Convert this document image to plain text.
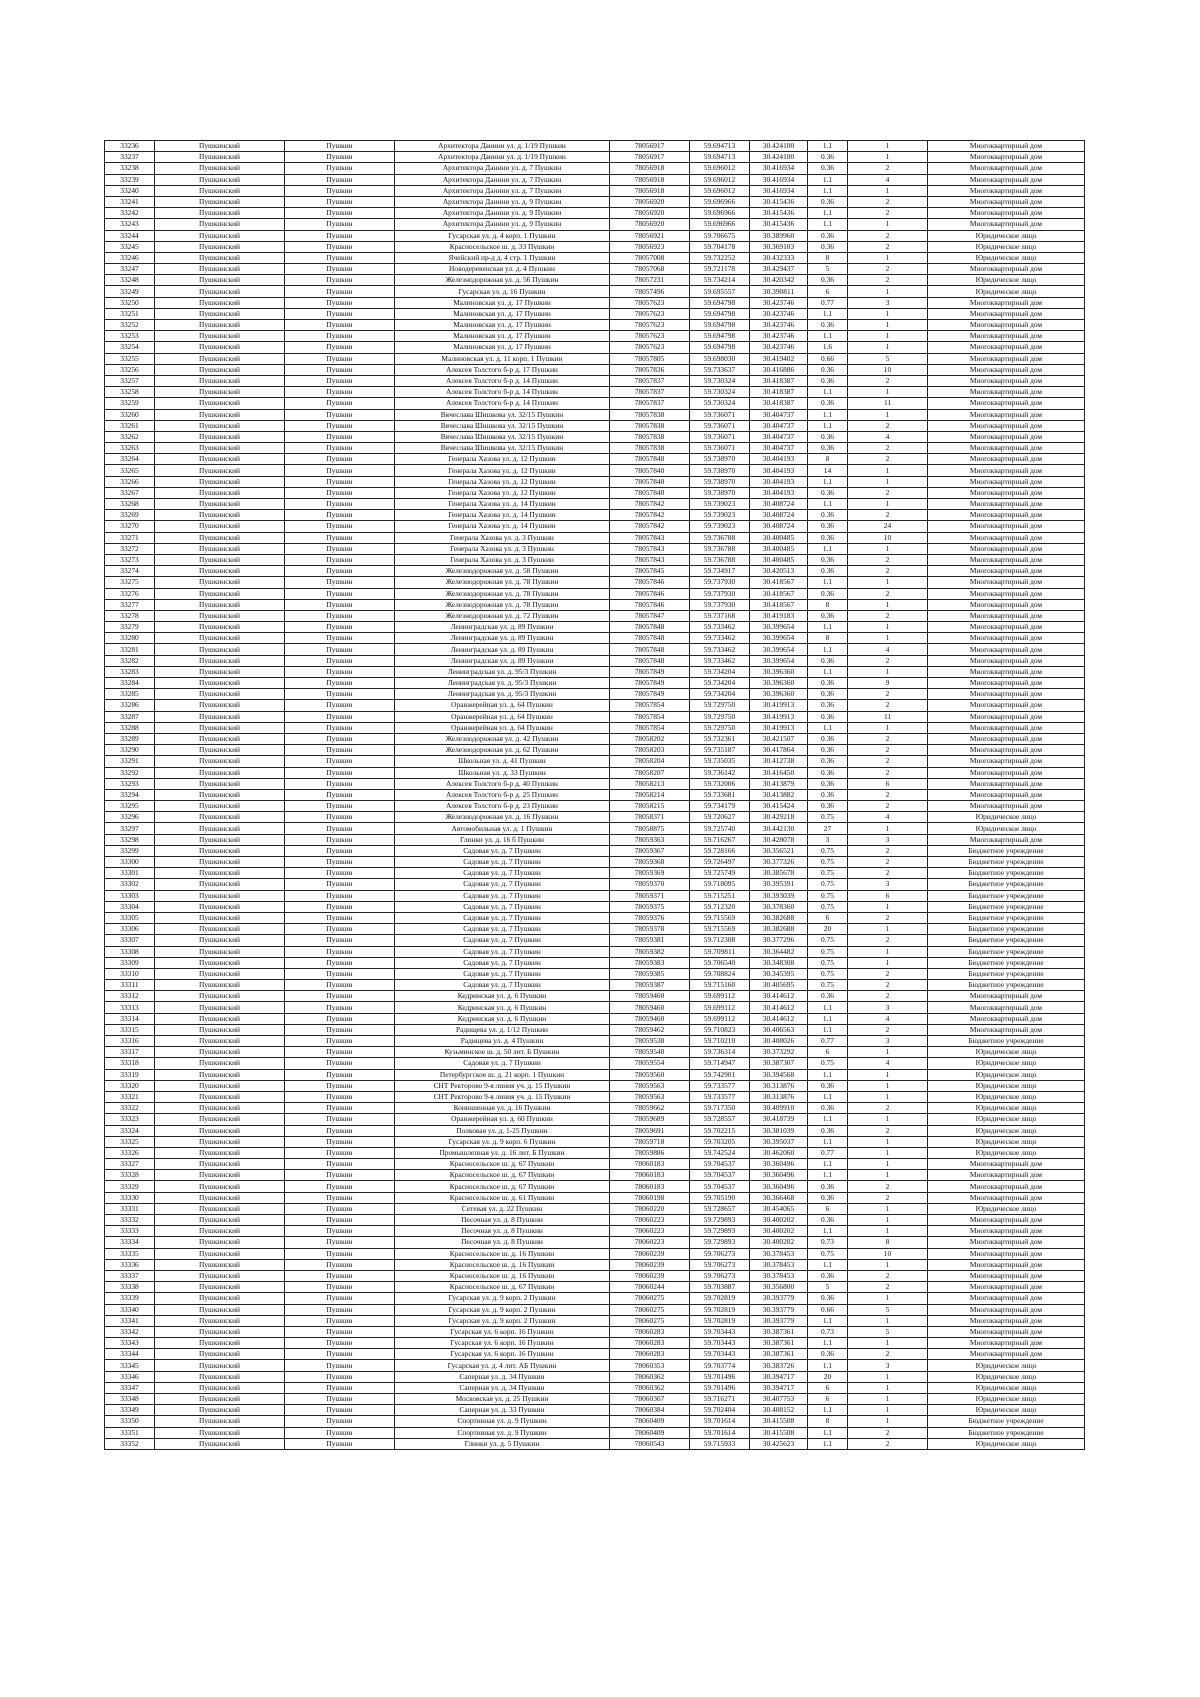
33236	Пушкинский	Пушкин	Архитектора Данини ул. д. 1/19 Пушкин	78056917	59.694713	30.424100	1.1	1	Многоквартирный дом
33237	Пушкинский	Пушкин	Архитектора Данини ул. д. 1/19 Пушкин	78056917	59.694713	30.424100	0.36	1	Многоквартирный дом
33238	Пушкинский	Пушкин	Архитектора Данини ул. д. 7 Пушкин	78056918	59.696012	30.416934	0.36	2	Многоквартирный дом
33239	Пушкинский	Пушкин	Архитектора Данини ул. д. 7 Пушкин	78056918	59.696012	30.416934	1.1	4	Многоквартирный дом
33240	Пушкинский	Пушкин	Архитектора Данини ул. д. 7 Пушкин	78056918	59.696012	30.416934	1.1	1	Многоквартирный дом
33241	Пушкинский	Пушкин	Архитектора Данини ул. д. 9 Пушкин	78056920	59.696966	30.415436	0.36	2	Многоквартирный дом
33242	Пушкинский	Пушкин	Архитектора Данини ул. д. 9 Пушкин	78056920	59.696966	30.415436	1.1	2	Многоквартирный дом
33243	Пушкинский	Пушкин	Архитектора Данини ул. д. 9 Пушкин	78056920	59.696966	30.415436	1.1	1	Многоквартирный дом
33244	Пушкинский	Пушкин	Гусарская ул. д. 4 корп. 1 Пушкин	78056921	59.706675	30.389960	0.36	2	Юридическое лицо
33245	Пушкинский	Пушкин	Красносельское ш. д. 33 Пушкин	78056923	59.704178	30.369103	0.36	2	Юридическое лицо
33246	Пушкинский	Пушкин	Ячейский пр-д д. 4 стр. 1 Пушкин	78057008	59.732252	30.432333	8	1	Юридическое лицо
33247	Пушкинский	Пушкин	Новодеревенская ул. д. 4 Пушкин	78057068	59.721178	30.429437	5	2	Многоквартирный дом
33248	Пушкинский	Пушкин	Железнодорожная ул. д. 56 Пушкин	78057231	59.734214	30.420342	0.36	2	Юридическое лицо
33249	Пушкинский	Пушкин	Гусарская ул. д. 16 Пушкин	78057496	59.695557	30.390811	6	1	Юридическое лицо
33250	Пушкинский	Пушкин	Малиновская ул. д. 17 Пушкин	78057623	59.694798	30.423746	0.77	3	Многоквартирный дом
33251	Пушкинский	Пушкин	Малиновская ул. д. 17 Пушкин	78057623	59.694798	30.423746	1.1	1	Многоквартирный дом
33252	Пушкинский	Пушкин	Малиновская ул. д. 17 Пушкин	78057623	59.694798	30.423746	0.36	1	Многоквартирный дом
33253	Пушкинский	Пушкин	Малиновская ул. д. 17 Пушкин	78057623	59.694798	30.423746	1.1	1	Многоквартирный дом
33254	Пушкинский	Пушкин	Малиновская ул. д. 17 Пушкин	78057623	59.694798	30.423746	1.6	1	Многоквартирный дом
33255	Пушкинский	Пушкин	Малиновская ул. д. 11 корп. 1 Пушкин	78057805	59.698030	30.419402	0.66	5	Многоквартирный дом
33256	Пушкинский	Пушкин	Алексея Толстого б-р д. 17 Пушкин	78057836	59.733637	30.416886	0.36	10	Многоквартирный дом
33257	Пушкинский	Пушкин	Алексея Толстого б-р д. 14 Пушкин	78057837	59.730324	30.418387	0.36	2	Многоквартирный дом
33258	Пушкинский	Пушкин	Алексея Толстого б-р д. 14 Пушкин	78057837	59.730324	30.418387	1.1	1	Многоквартирный дом
33259	Пушкинский	Пушкин	Алексея Толстого б-р д. 14 Пушкин	78057837	59.730324	30.418387	0.36	11	Многоквартирный дом
33260	Пушкинский	Пушкин	Вячеслава Шишкова ул. 32/15 Пушкин	78057838	59.736071	30.404737	1.1	1	Многоквартирный дом
33261	Пушкинский	Пушкин	Вячеслава Шишкова ул. 32/15 Пушкин	78057838	59.736071	30.404737	1.1	2	Многоквартирный дом
33262	Пушкинский	Пушкин	Вячеслава Шишкова ул. 32/15 Пушкин	78057838	59.736071	30.404737	0.36	4	Многоквартирный дом
33263	Пушкинский	Пушкин	Вячеслава Шишкова ул. 32/15 Пушкин	78057838	59.736071	30.404737	0.36	2	Многоквартирный дом
33264	Пушкинский	Пушкин	Генерала Хазова ул. д. 12 Пушкин	78057840	59.738970	30.404193	8	2	Многоквартирный дом
33265	Пушкинский	Пушкин	Генерала Хазова ул. д. 12 Пушкин	78057840	59.738970	30.404193	14	1	Многоквартирный дом
33266	Пушкинский	Пушкин	Генерала Хазова ул. д. 12 Пушкин	78057840	59.738970	30.404193	1.1	1	Многоквартирный дом
33267	Пушкинский	Пушкин	Генерала Хазова ул. д. 12 Пушкин	78057840	59.738970	30.404193	0.36	2	Многоквартирный дом
33268	Пушкинский	Пушкин	Генерала Хазова ул. д. 14 Пушкин	78057842	59.739023	30.408724	1.1	1	Многоквартирный дом
33269	Пушкинский	Пушкин	Генерала Хазова ул. д. 14 Пушкин	78057842	59.739023	30.408724	0.36	2	Многоквартирный дом
33270	Пушкинский	Пушкин	Генерала Хазова ул. д. 14 Пушкин	78057842	59.739023	30.408724	0.36	24	Многоквартирный дом
33271	Пушкинский	Пушкин	Генерала Хазова ул. д. 3 Пушкин	78057843	59.736788	30.400485	0.36	10	Многоквартирный дом
33272	Пушкинский	Пушкин	Генерала Хазова ул. д. 3 Пушкин	78057843	59.736788	30.400485	1.1	1	Многоквартирный дом
33273	Пушкинский	Пушкин	Генерала Хазова ул. д. 3 Пушкин	78057843	59.736788	30.400485	0.36	2	Многоквартирный дом
33274	Пушкинский	Пушкин	Железнодорожная ул. д. 58 Пушкин	78057845	59.734917	30.420513	0.36	2	Многоквартирный дом
33275	Пушкинский	Пушкин	Железнодорожная ул. д. 78 Пушкин	78057846	59.737930	30.418567	1.1	1	Многоквартирный дом
33276	Пушкинский	Пушкин	Железнодорожная ул. д. 78 Пушкин	78057846	59.737930	30.418567	0.36	2	Многоквартирный дом
33277	Пушкинский	Пушкин	Железнодорожная ул. д. 78 Пушкин	78057846	59.737930	30.418567	8	1	Многоквартирный дом
33278	Пушкинский	Пушкин	Железнодорожная ул. д. 72 Пушкин	78057847	59.737168	30.419183	0.36	2	Многоквартирный дом
33279	Пушкинский	Пушкин	Ленинградская ул. д. 89 Пушкин	78057848	59.733462	30.399654	1.1	1	Многоквартирный дом
33280	Пушкинский	Пушкин	Ленинградская ул. д. 89 Пушкин	78057848	59.733462	30.399654	8	1	Многоквартирный дом
33281	Пушкинский	Пушкин	Ленинградская ул. д. 89 Пушкин	78057848	59.733462	30.399654	1.1	4	Многоквартирный дом
33282	Пушкинский	Пушкин	Ленинградская ул. д. 89 Пушкин	78057848	59.733462	30.399654	0.36	2	Многоквартирный дом
33283	Пушкинский	Пушкин	Ленинградская ул. д. 95/3 Пушкин	78057849	59.734204	30.396360	1.1	1	Многоквартирный дом
33284	Пушкинский	Пушкин	Ленинградская ул. д. 95/3 Пушкин	78057849	59.734204	30.396360	0.36	9	Многоквартирный дом
33285	Пушкинский	Пушкин	Ленинградская ул. д. 95/3 Пушкин	78057849	59.734204	30.396360	0.36	2	Многоквартирный дом
33286	Пушкинский	Пушкин	Оранжерейная ул. д. 64 Пушкин	78057854	59.729750	30.419913	0.36	2	Многоквартирный дом
33287	Пушкинский	Пушкин	Оранжерейная ул. д. 64 Пушкин	78057854	59.729750	30.419913	0.36	11	Многоквартирный дом
33288	Пушкинский	Пушкин	Оранжерейная ул. д. 64 Пушкин	78057854	59.729750	30.419913	1.1	1	Многоквартирный дом
33289	Пушкинский	Пушкин	Железнодорожная ул. д. 42 Пушкин	78058202	59.732361	30.421507	0.36	2	Многоквартирный дом
33290	Пушкинский	Пушкин	Железнодорожная ул. д. 62 Пушкин	78058203	59.735187	30.417864	0.36	2	Многоквартирный дом
33291	Пушкинский	Пушкин	Школьная ул. д. 41 Пушкин	78058204	59.735035	30.412738	0.36	2	Многоквартирный дом
33292	Пушкинский	Пушкин	Школьная ул. д. 33 Пушкин	78058207	59.736142	30.416450	0.36	2	Многоквартирный дом
33293	Пушкинский	Пушкин	Алексея Толстого б-р д. 40 Пушкин	78058213	59.732006	30.413879	0.36	6	Многоквартирный дом
33294	Пушкинский	Пушкин	Алексея Толстого б-р д. 25 Пушкин	78058214	59.733681	30.413882	0.36	2	Многоквартирный дом
33295	Пушкинский	Пушкин	Алексея Толстого б-р д. 23 Пушкин	78058215	59.734179	30.415424	0.36	2	Многоквартирный дом
33296	Пушкинский	Пушкин	Железнодорожная ул. д. 16 Пушкин	78058371	59.720627	30.429218	0.75	4	Юридическое лицо
33297	Пушкинский	Пушкин	Автомобильная ул. д. 1 Пушкин	78058875	59.725740	30.442130	27	1	Юридическое лицо
33298	Пушкинский	Пушкин	Глинки ул. д. 16 б Пушкин	78059363	59.716267	30.428078	3	3	Многоквартирный дом
33299	Пушкинский	Пушкин	Садовая ул. д. 7 Пушкин	78059367	59.728166	30.356521	0.75	2	Бюджетное учреждение
33300	Пушкинский	Пушкин	Садовая ул. д. 7 Пушкин	78059368	59.726497	30.377326	0.75	2	Бюджетное учреждение
33301	Пушкинский	Пушкин	Садовая ул. д. 7 Пушкин	78059369	59.725749	30.385678	0.75	2	Бюджетное учреждение
33302	Пушкинский	Пушкин	Садовая ул. д. 7 Пушкин	78059370	59.718095	30.395391	0.75	3	Бюджетное учреждение
33303	Пушкинский	Пушкин	Садовая ул. д. 7 Пушкин	78059371	59.715251	30.393039	0.75	6	Бюджетное учреждение
33304	Пушкинский	Пушкин	Садовая ул. д. 7 Пушкин	78059375	59.712320	30.378360	0.75	1	Бюджетное учреждение
33305	Пушкинский	Пушкин	Садовая ул. д. 7 Пушкин	78059376	59.715569	30.382688	6	2	Бюджетное учреждение
33306	Пушкинский	Пушкин	Садовая ул. д. 7 Пушкин	78059378	59.715569	30.382688	20	1	Бюджетное учреждение
33307	Пушкинский	Пушкин	Садовая ул. д. 7 Пушкин	78059381	59.712308	30.377296	0.75	2	Бюджетное учреждение
33308	Пушкинский	Пушкин	Садовая ул. д. 7 Пушкин	78059382	59.709811	30.364482	0.75	1	Бюджетное учреждение
33309	Пушкинский	Пушкин	Садовая ул. д. 7 Пушкин	78059383	59.706540	30.348308	0.75	1	Бюджетное учреждение
33310	Пушкинский	Пушкин	Садовая ул. д. 7 Пушкин	78059385	59.708824	30.345395	0.75	2	Бюджетное учреждение
33311	Пушкинский	Пушкин	Садовая ул. д. 7 Пушкин	78059387	59.715160	30.405695	0.75	2	Бюджетное учреждение
33312	Пушкинский	Пушкин	Кедринская ул. д. 6 Пушкин	78059460	59.699112	30.414612	0.36	2	Многоквартирный дом
33313	Пушкинский	Пушкин	Кедринская ул. д. 6 Пушкин	78059460	59.699112	30.414612	1.1	3	Многоквартирный дом
33314	Пушкинский	Пушкин	Кедринская ул. д. 6 Пушкин	78059460	59.699112	30.414612	1.1	4	Многоквартирный дом
33315	Пушкинский	Пушкин	Радищева ул. д. 1/12 Пушкин	78059462	59.710823	30.406563	1.1	2	Многоквартирный дом
33316	Пушкинский	Пушкин	Радищева ул. д. 4 Пушкин	78059538	59.710210	30.408026	0.77	3	Бюджетное учреждение
33317	Пушкинский	Пушкин	Кузьминское ш. д. 50 лит. Б Пушкин	78059548	59.736314	30.373292	6	1	Юридическое лицо
33318	Пушкинский	Пушкин	Садовая ул. д. 7 Пушкин	78059554	59.714947	30.387307	0.75	4	Юридическое лицо
33319	Пушкинский	Пушкин	Петербургское ш. д. 21 корп. 1 Пушкин	78059560	59.742901	30.394568	1.1	1	Юридическое лицо
33320	Пушкинский	Пушкин	СНТ Ректорово 9-я линия уч. д. 15 Пушкин	78059563	59.733577	30.313876	0.36	1	Юридическое лицо
33321	Пушкинский	Пушкин	СНТ Ректорово 9-я линия уч. д. 15 Пушкин	78059563	59.733577	30.313876	1.1	1	Юридическое лицо
33322	Пушкинский	Пушкин	Конюшенная ул. д. 16 Пушкин	78059662	59.717350	30.409910	0.36	2	Юридическое лицо
33323	Пушкинский	Пушкин	Оранжерейная ул. д. 60 Пушкин	78059689	59.728557	30.418739	1.1	1	Юридическое лицо
33324	Пушкинский	Пушкин	Полковая ул. д. 1-25 Пушкин	78059691	59.702215	30.381039	0.36	2	Юридическое лицо
33325	Пушкинский	Пушкин	Гусарская ул. д. 9 корп. 6 Пушкин	78059718	59.703205	30.395037	1.1	1	Юридическое лицо
33326	Пушкинский	Пушкин	Промышленная ул. д. 16 лит. Б Пушкин	78059886	59.742524	30.462060	0.77	1	Юридическое лицо
33327	Пушкинский	Пушкин	Красносельское ш. д. 67 Пушкин	78060183	59.704537	30.360496	1.1	1	Многоквартирный дом
33328	Пушкинский	Пушкин	Красносельское ш. д. 67 Пушкин	78060183	59.704537	30.360496	1.1	1	Многоквартирный дом
33329	Пушкинский	Пушкин	Красносельское ш. д. 67 Пушкин	78060183	59.704537	30.360496	0.36	2	Многоквартирный дом
33330	Пушкинский	Пушкин	Красносельское ш. д. 61 Пушкин	78060198	59.705190	30.366468	0.36	2	Многоквартирный дом
33331	Пушкинский	Пушкин	Сетевая ул. д. 22 Пушкин	78060220	59.728657	30.454065	6	1	Юридическое лицо
33332	Пушкинский	Пушкин	Песочная ул. д. 8 Пушкин	78060223	59.729893	30.400202	0.36	1	Многоквартирный дом
33333	Пушкинский	Пушкин	Песочная ул. д. 8 Пушкин	78060223	59.729893	30.400202	1.1	1	Многоквартирный дом
33334	Пушкинский	Пушкин	Песочная ул. д. 8 Пушкин	78060223	59.729893	30.400202	0.73	8	Многоквартирный дом
33335	Пушкинский	Пушкин	Красносельское ш. д. 16 Пушкин	78060239	59.706273	30.378453	0.75	10	Многоквартирный дом
33336	Пушкинский	Пушкин	Красносельское ш. д. 16 Пушкин	78060239	59.706273	30.378453	1.1	1	Многоквартирный дом
33337	Пушкинский	Пушкин	Красносельское ш. д. 16 Пушкин	78060239	59.706273	30.378453	0.36	2	Многоквартирный дом
33338	Пушкинский	Пушкин	Красносельское ш. д. 67 Пушкин	78060244	59.703887	30.356800	5	2	Многоквартирный дом
33339	Пушкинский	Пушкин	Гусарская ул. д. 9 корп. 2 Пушкин	78060275	59.702819	30.393779	0.36	1	Многоквартирный дом
33340	Пушкинский	Пушкин	Гусарская ул. д. 9 корп. 2 Пушкин	78060275	59.702819	30.393779	0.66	5	Многоквартирный дом
33341	Пушкинский	Пушкин	Гусарская ул. д. 9 корп. 2 Пушкин	78060275	59.702819	30.393779	1.1	1	Многоквартирный дом
33342	Пушкинский	Пушкин	Гусарская ул. 6 корп. 16 Пушкин	78060283	59.703443	30.387361	0.73	5	Многоквартирный дом
33343	Пушкинский	Пушкин	Гусарская ул. 6 корп. 16 Пушкин	78060283	59.703443	30.387361	1.1	1	Многоквартирный дом
33344	Пушкинский	Пушкин	Гусарская ул. 6 корп. 16 Пушкин	78060283	59.703443	30.387361	0.36	2	Многоквартирный дом
33345	Пушкинский	Пушкин	Гусарская ул. д. 4 лит. АБ Пушкин	78060353	59.703774	30.383726	1.1	3	Юридическое лицо
33346	Пушкинский	Пушкин	Саперная ул. д. 34 Пушкин	78060362	59.701496	30.394717	20	1	Юридическое лицо
33347	Пушкинский	Пушкин	Саперная ул. д. 34 Пушкин	78060362	59.701496	30.394717	6	1	Юридическое лицо
33348	Пушкинский	Пушкин	Московская ул. д. 25 Пушкин	78060367	59.716271	30.407753	6	1	Юридическое лицо
33349	Пушкинский	Пушкин	Саперная ул. д. 33 Пушкин	78060384	59.702404	30.408152	1.1	1	Юридическое лицо
33350	Пушкинский	Пушкин	Спортивная ул. д. 9 Пушкин	78060409	59.701614	30.415508	8	1	Бюджетное учреждение
33351	Пушкинский	Пушкин	Спортивная ул. д. 9 Пушкин	78060409	59.701614	30.415508	1.1	2	Бюджетное учреждение
33352	Пушкинский	Пушкин	Глинки ул. д. 5 Пушкин	78060543	59.715933	30.425623	1.1	2	Юридическое лицо
